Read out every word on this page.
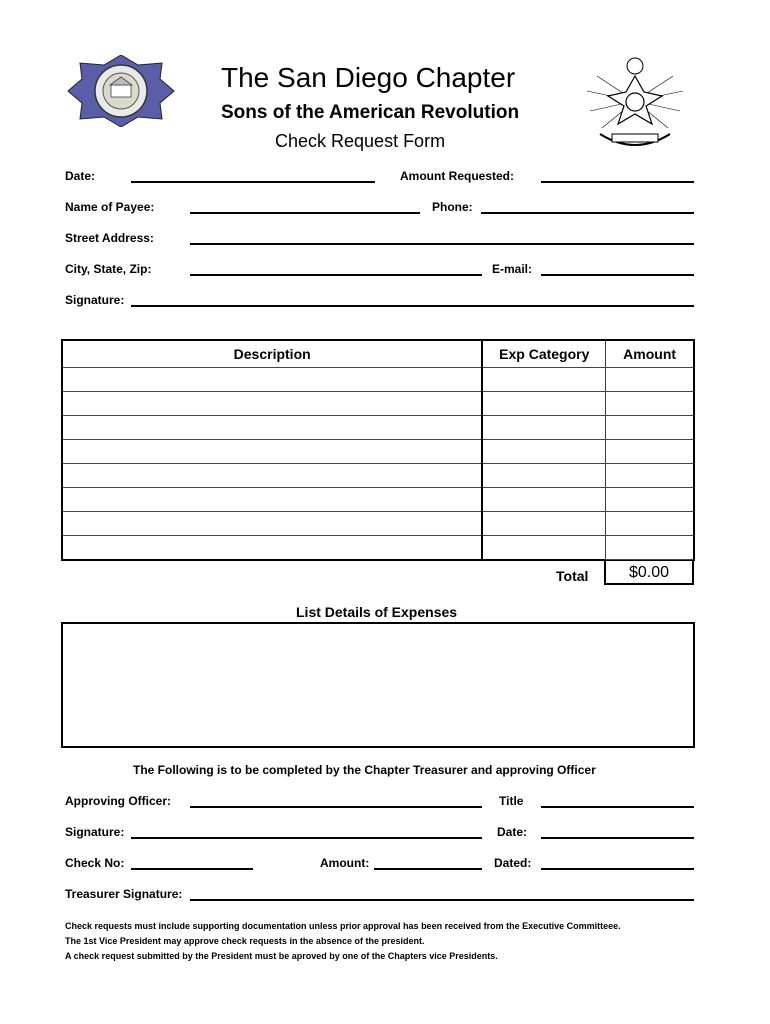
The San Diego Chapter
Sons of the American Revolution
Check Request Form
Date:	Amount Requested:
Name of Payee:	Phone:
Street Address:
City, State, Zip:	E-mail:
Signature:
Description	Exp Category	Amount

Total	$0.00
List Details of Expenses
The Following is to be completed by the Chapter Treasurer and approving Officer
Approving Officer:	Title
Signature:	Date:
Check No:	Amount:	Dated:
Treasurer Signature:
Check requests must include supporting documentation unless prior approval has been received from the Executive Committeee.
The 1st Vice President may approve check requests in the absence of the president.
A check request submitted by the President must be aproved by one of the Chapters vice Presidents.
